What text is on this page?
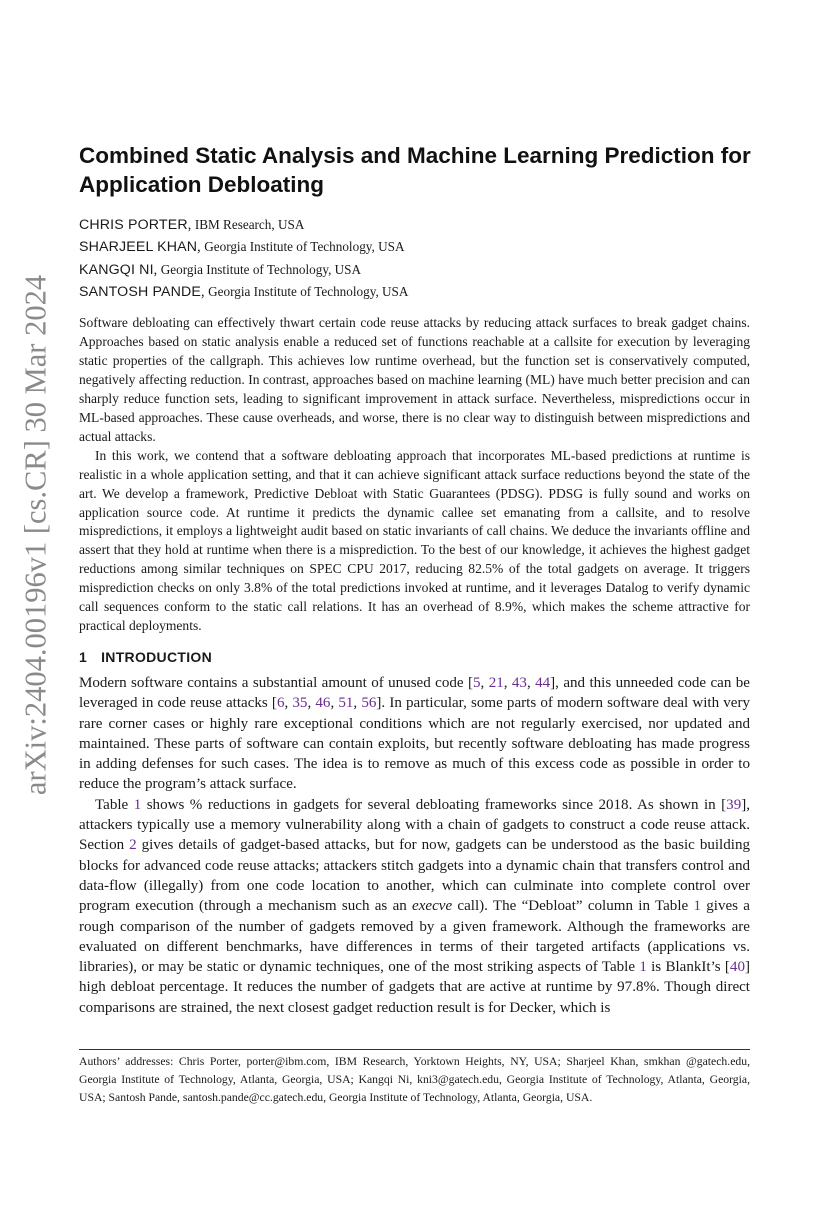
arXiv:2404.00196v1 [cs.CR] 30 Mar 2024
Combined Static Analysis and Machine Learning Prediction for Application Debloating
CHRIS PORTER, IBM Research, USA
SHARJEEL KHAN, Georgia Institute of Technology, USA
KANGQI NI, Georgia Institute of Technology, USA
SANTOSH PANDE, Georgia Institute of Technology, USA

Software debloating can effectively thwart certain code reuse attacks by reducing attack surfaces to break gadget chains. Approaches based on static analysis enable a reduced set of functions reachable at a callsite for execution by leveraging static properties of the callgraph. This achieves low runtime overhead, but the function set is conservatively computed, negatively affecting reduction. In contrast, approaches based on machine learning (ML) have much better precision and can sharply reduce function sets, leading to significant improvement in attack surface. Nevertheless, mispredictions occur in ML-based approaches. These cause overheads, and worse, there is no clear way to distinguish between mispredictions and actual attacks.

In this work, we contend that a software debloating approach that incorporates ML-based predictions at runtime is realistic in a whole application setting, and that it can achieve significant attack surface reductions beyond the state of the art. We develop a framework, Predictive Debloat with Static Guarantees (PDSG). PDSG is fully sound and works on application source code. At runtime it predicts the dynamic callee set emanating from a callsite, and to resolve mispredictions, it employs a lightweight audit based on static invariants of call chains. We deduce the invariants offline and assert that they hold at runtime when there is a misprediction. To the best of our knowledge, it achieves the highest gadget reductions among similar techniques on SPEC CPU 2017, reducing 82.5% of the total gadgets on average. It triggers misprediction checks on only 3.8% of the total predictions invoked at runtime, and it leverages Datalog to verify dynamic call sequences conform to the static call relations. It has an overhead of 8.9%, which makes the scheme attractive for practical deployments.

1 INTRODUCTION

Modern software contains a substantial amount of unused code [5, 21, 43, 44], and this unneeded code can be leveraged in code reuse attacks [6, 35, 46, 51, 56]. In particular, some parts of modern software deal with very rare corner cases or highly rare exceptional conditions which are not regularly exercised, nor updated and maintained. These parts of software can contain exploits, but recently software debloating has made progress in adding defenses for such cases. The idea is to remove as much of this excess code as possible in order to reduce the program’s attack surface.

Table 1 shows % reductions in gadgets for several debloating frameworks since 2018. As shown in [39], attackers typically use a memory vulnerability along with a chain of gadgets to construct a code reuse attack. Section 2 gives details of gadget-based attacks, but for now, gadgets can be understood as the basic building blocks for advanced code reuse attacks; attackers stitch gadgets into a dynamic chain that transfers control and data-flow (illegally) from one code location to another, which can culminate into complete control over program execution (through a mechanism such as an execve call). The “Debloat” column in Table 1 gives a rough comparison of the number of gadgets removed by a given framework. Although the frameworks are evaluated on different benchmarks, have differences in terms of their targeted artifacts (applications vs. libraries), or may be static or dynamic techniques, one of the most striking aspects of Table 1 is BlankIt’s [40] high debloat percentage. It reduces the number of gadgets that are active at runtime by 97.8%. Though direct comparisons are strained, the next closest gadget reduction result is for Decker, which is

Authors’ addresses: Chris Porter, porter@ibm.com, IBM Research, Yorktown Heights, NY, USA; Sharjeel Khan, smkhan @gatech.edu, Georgia Institute of Technology, Atlanta, Georgia, USA; Kangqi Ni, kni3@gatech.edu, Georgia Institute of Technology, Atlanta, Georgia, USA; Santosh Pande, santosh.pande@cc.gatech.edu, Georgia Institute of Technology, Atlanta, Georgia, USA.
